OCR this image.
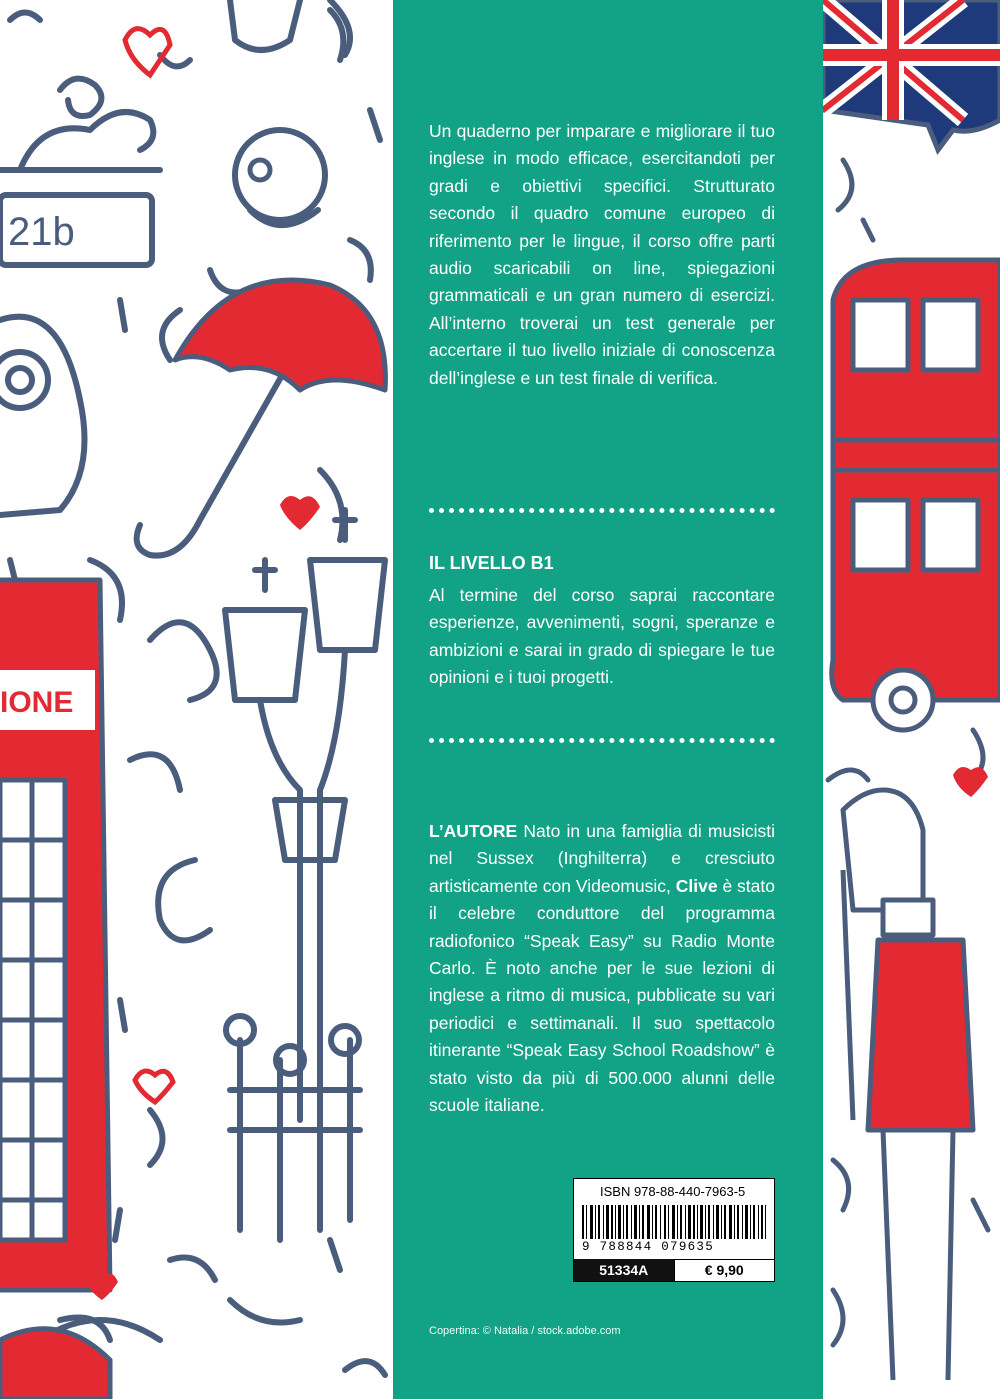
IONE
21b

Un quaderno per imparare e migliorare il tuo inglese in modo efficace, esercitandoti per gradi e obiettivi specifici. Strutturato secondo il quadro comune europeo di riferimento per le lingue, il corso offre parti audio scaricabili on line, spiegazioni grammaticali e un gran numero di esercizi. All’interno troverai un test generale per accertare il tuo livello iniziale di conoscenza dell’inglese e un test finale di verifica.

IL LIVELLO B1

Al termine del corso saprai raccontare esperienze, avvenimenti, sogni, speranze e ambizioni e sarai in grado di spiegare le tue opinioni e i tuoi progetti.

L’AUTORE Nato in una famiglia di musicisti nel Sussex (Inghilterra) e cresciuto artisticamente con Videomusic, Clive è stato il celebre conduttore del programma radiofonico “Speak Easy” su Radio Monte Carlo. È noto anche per le sue lezioni di inglese a ritmo di musica, pubblicate su vari periodici e settimanali. Il suo spettacolo itinerante “Speak Easy School Roadshow” è stato visto da più di 500.000 alunni delle scuole italiane.

ISBN 978-88-440-7963-5
9 788844 079635
51334A	€ 9,90
Copertina: © Natalia / stock.adobe.com
